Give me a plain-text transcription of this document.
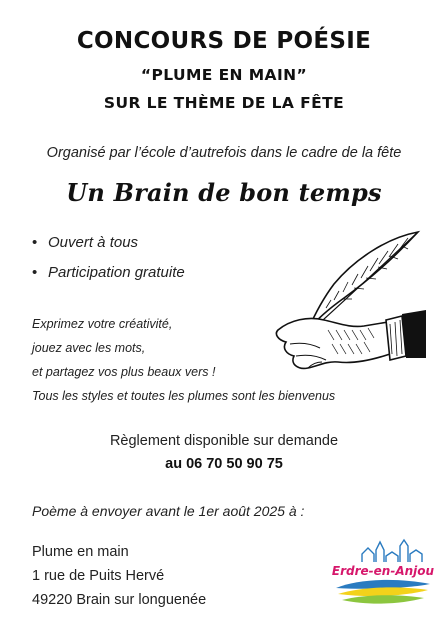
CONCOURS DE POÉSIE
“PLUME EN MAIN”
SUR LE THÈME DE LA FÊTE
Organisé par l’école d’autrefois dans le cadre de la fête
Un Brain de bon temps
• Ouvert à tous
• Participation gratuite
Exprimez votre créativité,
jouez avec les mots,
et partagez vos plus beaux vers !
Tous les styles et toutes les plumes sont les bienvenus
Règlement disponible sur demande
au 06 70 50 90 75
Poème à envoyer avant le 1er août 2025 à :
Plume en main
1 rue de Puits Hervé
49220 Brain sur longuenée
Erdre-en-Anjou
